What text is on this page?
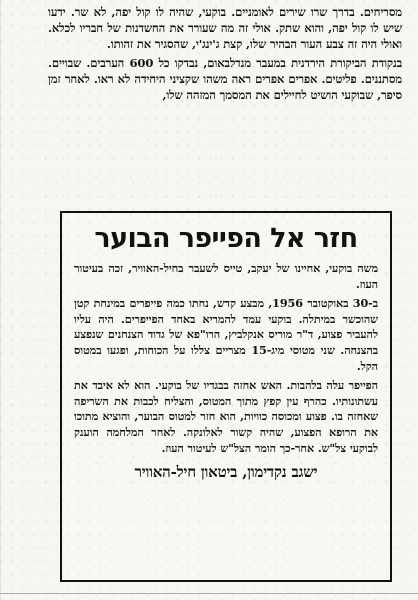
מסריחים. בדרך שרו שירים לאומניים. בוקעי, שהיה לו קול יפה, לא שר. ידעו שיש לו קול יפה, והוא שתק. אולי זה מה שעורר את החשדנות של חבריו לכלא. ואולי היה זה צבע העור הבהיר שלו, קצת ג'ינג'י, שהסגיר את זהותו.

בנקודת הביקורת הירדנית במעבר מנדלבאום, נבדקו כל 600 הערבים. שבויים. מסתננים. פליטים. אפרים אפרים ראה משהו שקציני היחידה לא ראו. לאחר זמן סיפר, שבוקעי הושיט לחיילים את המסמך המזהה שלו,

חזר אל הפייפר הבוער

משה בוקעי, אחיינו של יעקב, טייס לשעבר בחיל-האוויר, זכה בעיטור העוז.

ב-30 באוקטובר 1956, מבצע קדש, נחתו כמה פייפרים במינחת קטן שהוכשר במיתלה. בוקעי עמד להמריא באחד הפייפרים. היה עליו להעביר פצוע, ד"ר מוריס אנקלביץ, הרו"פא של גדוד הצנחנים שנפצע בהצנחה. שני מטוסי מיג-15 מצריים צללו על הכוחות, ופגעו במטוס הקל.

הפייפר עלה בלהבות. האש אחזה בבגדיו של בוקעי. הוא לא איבד את עשתונותיו. כהרף עין קפץ מתוך המטוס, והצליח לכבות את השריפה שאחזה בו. פצוע ומכוסה כוויות, הוא חזר למטוס הבוער, והוציא מתוכו את הרופא הפצוע, שהיה קשור לאלונקה. לאחר המלחמה הוענק לבוקעי צל"ש. אחר-כך הומר הצל"ש לעיטור העוז.

ישגב נקדימון, ביטאון חיל-האוויר
